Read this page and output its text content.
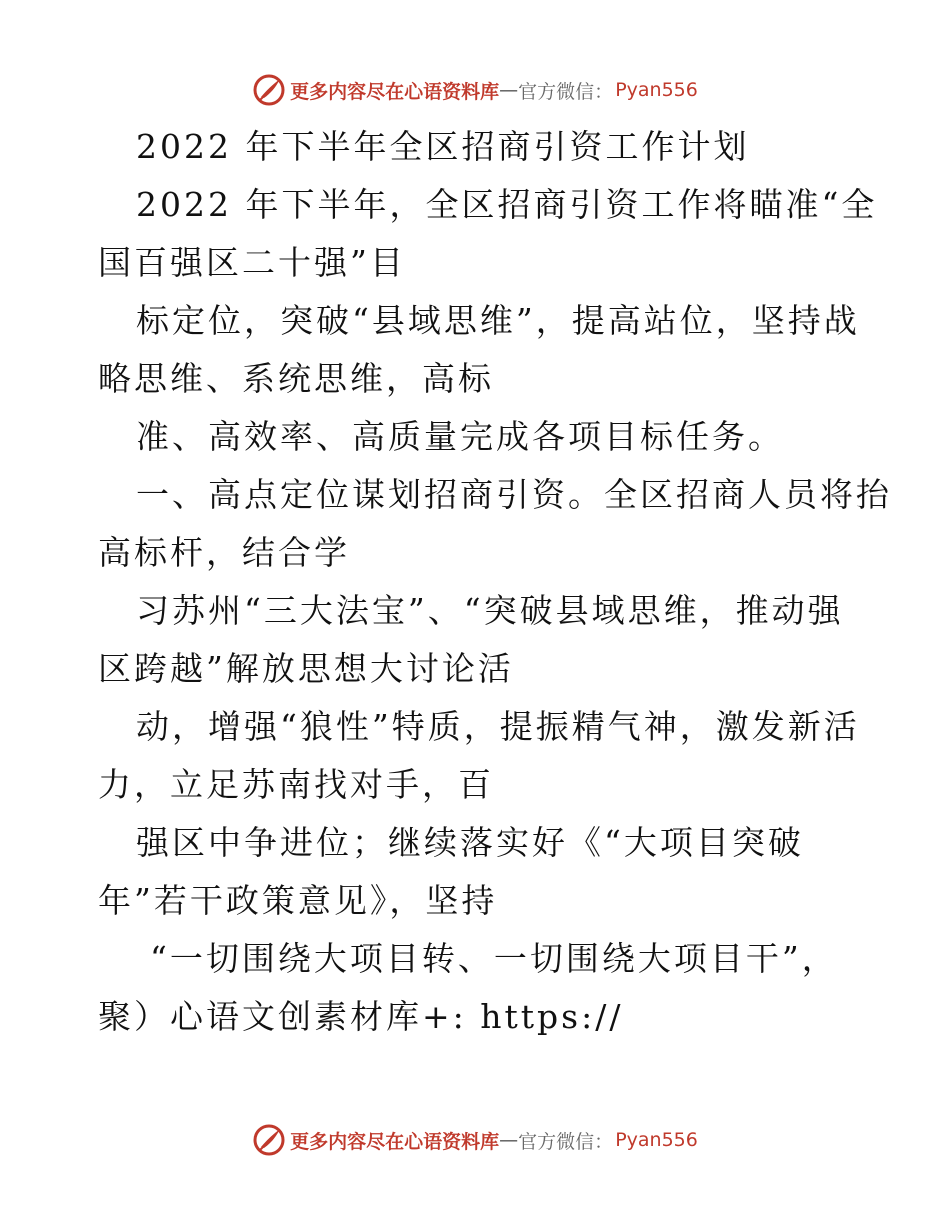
更多内容尽在心语资料库 — 官方微信： Pyan556

2022 年下半年全区招商引资工作计划

2022 年下半年，全区招商引资工作将瞄准“全

国百强区二十强”目

标定位，突破“县域思维”，提高站位，坚持战

略思维、系统思维，高标

准、高效率、高质量完成各项目标任务。

一、高点定位谋划招商引资。全区招商人员将抬

高标杆，结合学

习苏州“三大法宝”、“突破县域思维，推动强

区跨越”解放思想大讨论活

动，增强“狼性”特质，提振精气神，激发新活

力，立足苏南找对手，百

强区中争进位；继续落实好《“大项目突破

年”若干政策意见》，坚持

“一切围绕大项目转、一切围绕大项目干”，

聚）心语文创素材库+: https://

更多内容尽在心语资料库 — 官方微信： Pyan556
